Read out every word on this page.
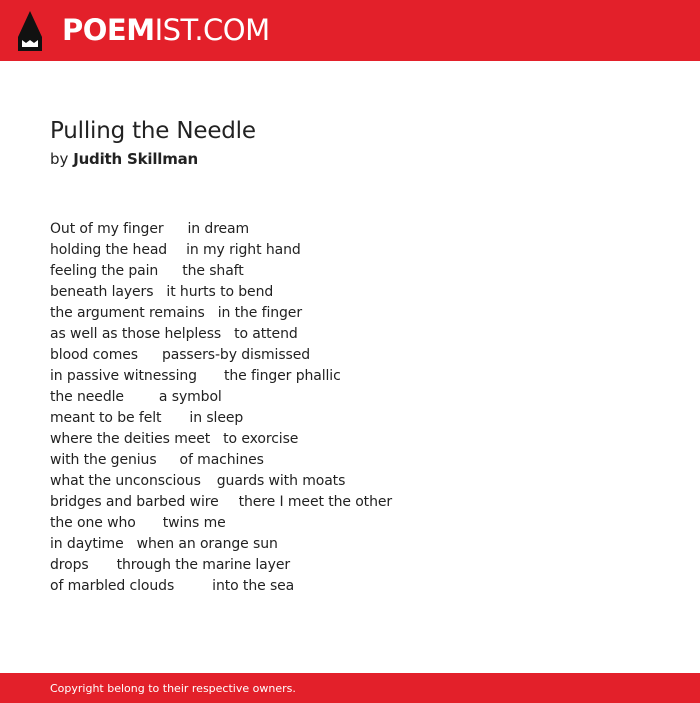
POEMIST.COM
Pulling the Needle
by Judith Skillman
Out of my finger in dream
holding the head in my right hand
feeling the pain the shaft
beneath layers it hurts to bend
the argument remains in the finger
as well as those helpless to attend
blood comes passers-by dismissed
in passive witnessing the finger phallic
the needle	a symbol
meant to be felt in sleep
where the deities meet to exorcise
with the genius of machines
what the unconscious guards with moats
bridges and barbed wire there I meet the other
the one who twins me
in daytime when an orange sun
drops through the marine layer
of marbled clouds	into the sea
Copyright belong to their respective owners.
